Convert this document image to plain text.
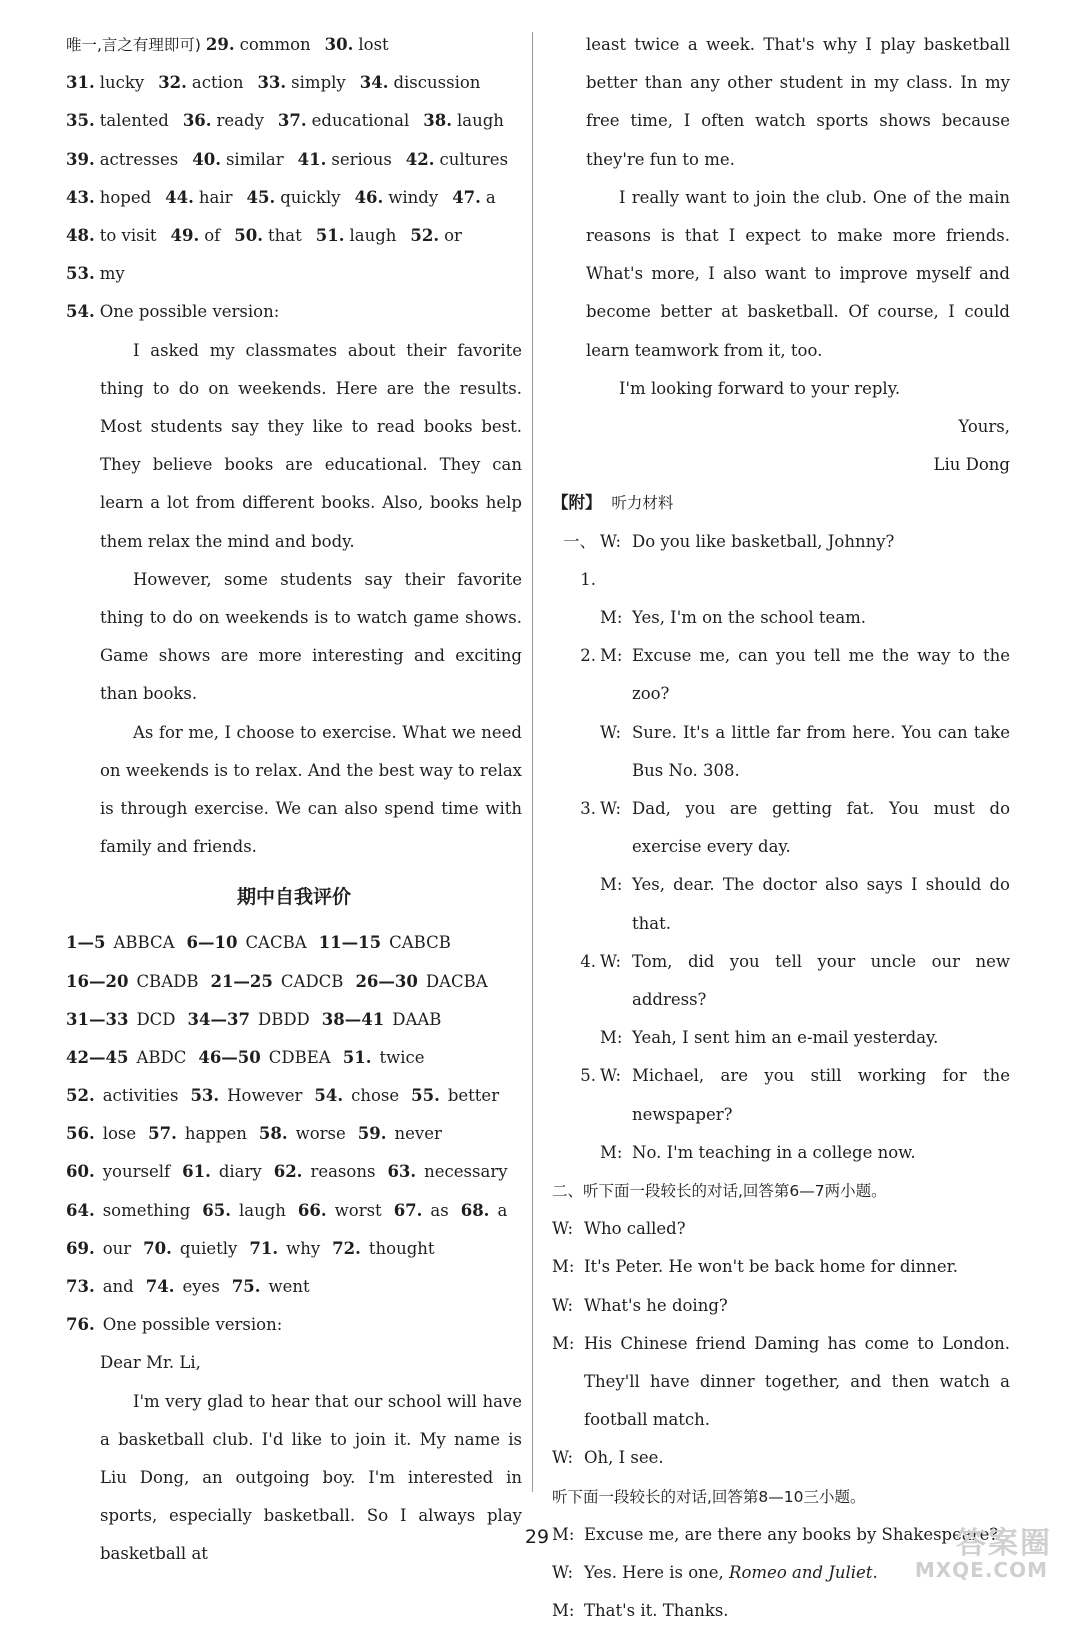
唯一,言之有理即可) 29. common 30. lost
31. lucky 32. action 33. simply 34. discussion
35. talented 36. ready 37. educational 38. laugh
39. actresses 40. similar 41. serious 42. cultures
43. hoped 44. hair 45. quickly 46. windy 47. a
48. to visit 49. of 50. that 51. laugh 52. or
53. my
54. One possible version:
I asked my classmates about their favorite thing to do on weekends. Here are the results. Most students say they like to read books best. They believe books are educational. They can learn a lot from different books. Also, books help them relax the mind and body.
However, some students say their favorite thing to do on weekends is to watch game shows. Game shows are more interesting and exciting than books.
As for me, I choose to exercise. What we need on weekends is to relax. And the best way to relax is through exercise. We can also spend time with family and friends.
期中自我评价
1—5 ABBCA 6—10 CACBA 11—15 CABCB
16—20 CBADB 21—25 CADCB 26—30 DACBA
31—33 DCD 34—37 DBDD 38—41 DAAB
42—45 ABDC 46—50 CDBEA 51. twice
52. activities 53. However 54. chose 55. better
56. lose 57. happen 58. worse 59. never
60. yourself 61. diary 62. reasons 63. necessary
64. something 65. laugh 66. worst 67. as 68. a
69. our 70. quietly 71. why 72. thought
73. and 74. eyes 75. went
76. One possible version:
Dear Mr. Li,
I'm very glad to hear that our school will have a basketball club. I'd like to join it. My name is Liu Dong, an outgoing boy. I'm interested in sports, especially basketball. So I always play basketball at
least twice a week. That's why I play basketball better than any other student in my class. In my free time, I often watch sports shows because they're fun to me.
I really want to join the club. One of the main reasons is that I expect to make more friends. What's more, I also want to improve myself and become better at basketball. Of course, I could learn teamwork from it, too.
I'm looking forward to your reply.
Yours,
Liu Dong
【附】 听力材料
一、1.
W: Do you like basketball, Johnny?
M: Yes, I'm on the school team.
2. M: Excuse me, can you tell me the way to the zoo?
W: Sure. It's a little far from here. You can take Bus No. 308.
3. W: Dad, you are getting fat. You must do exercise every day.
M: Yes, dear. The doctor also says I should do that.
4. W: Tom, did you tell your uncle our new address?
M: Yeah, I sent him an e-mail yesterday.
5. W: Michael, are you still working for the newspaper?
M: No. I'm teaching in a college now.
二、听下面一段较长的对话,回答第6—7两小题。
W: Who called?
M: It's Peter. He won't be back home for dinner.
W: What's he doing?
M: His Chinese friend Daming has come to London. They'll have dinner together, and then watch a football match.
W: Oh, I see.
听下面一段较长的对话,回答第8—10三小题。
M: Excuse me, are there any books by Shakespeare?
W: Yes. Here is one, Romeo and Juliet.
M: That's it. Thanks.
29	答案圈
MXQE.COM
